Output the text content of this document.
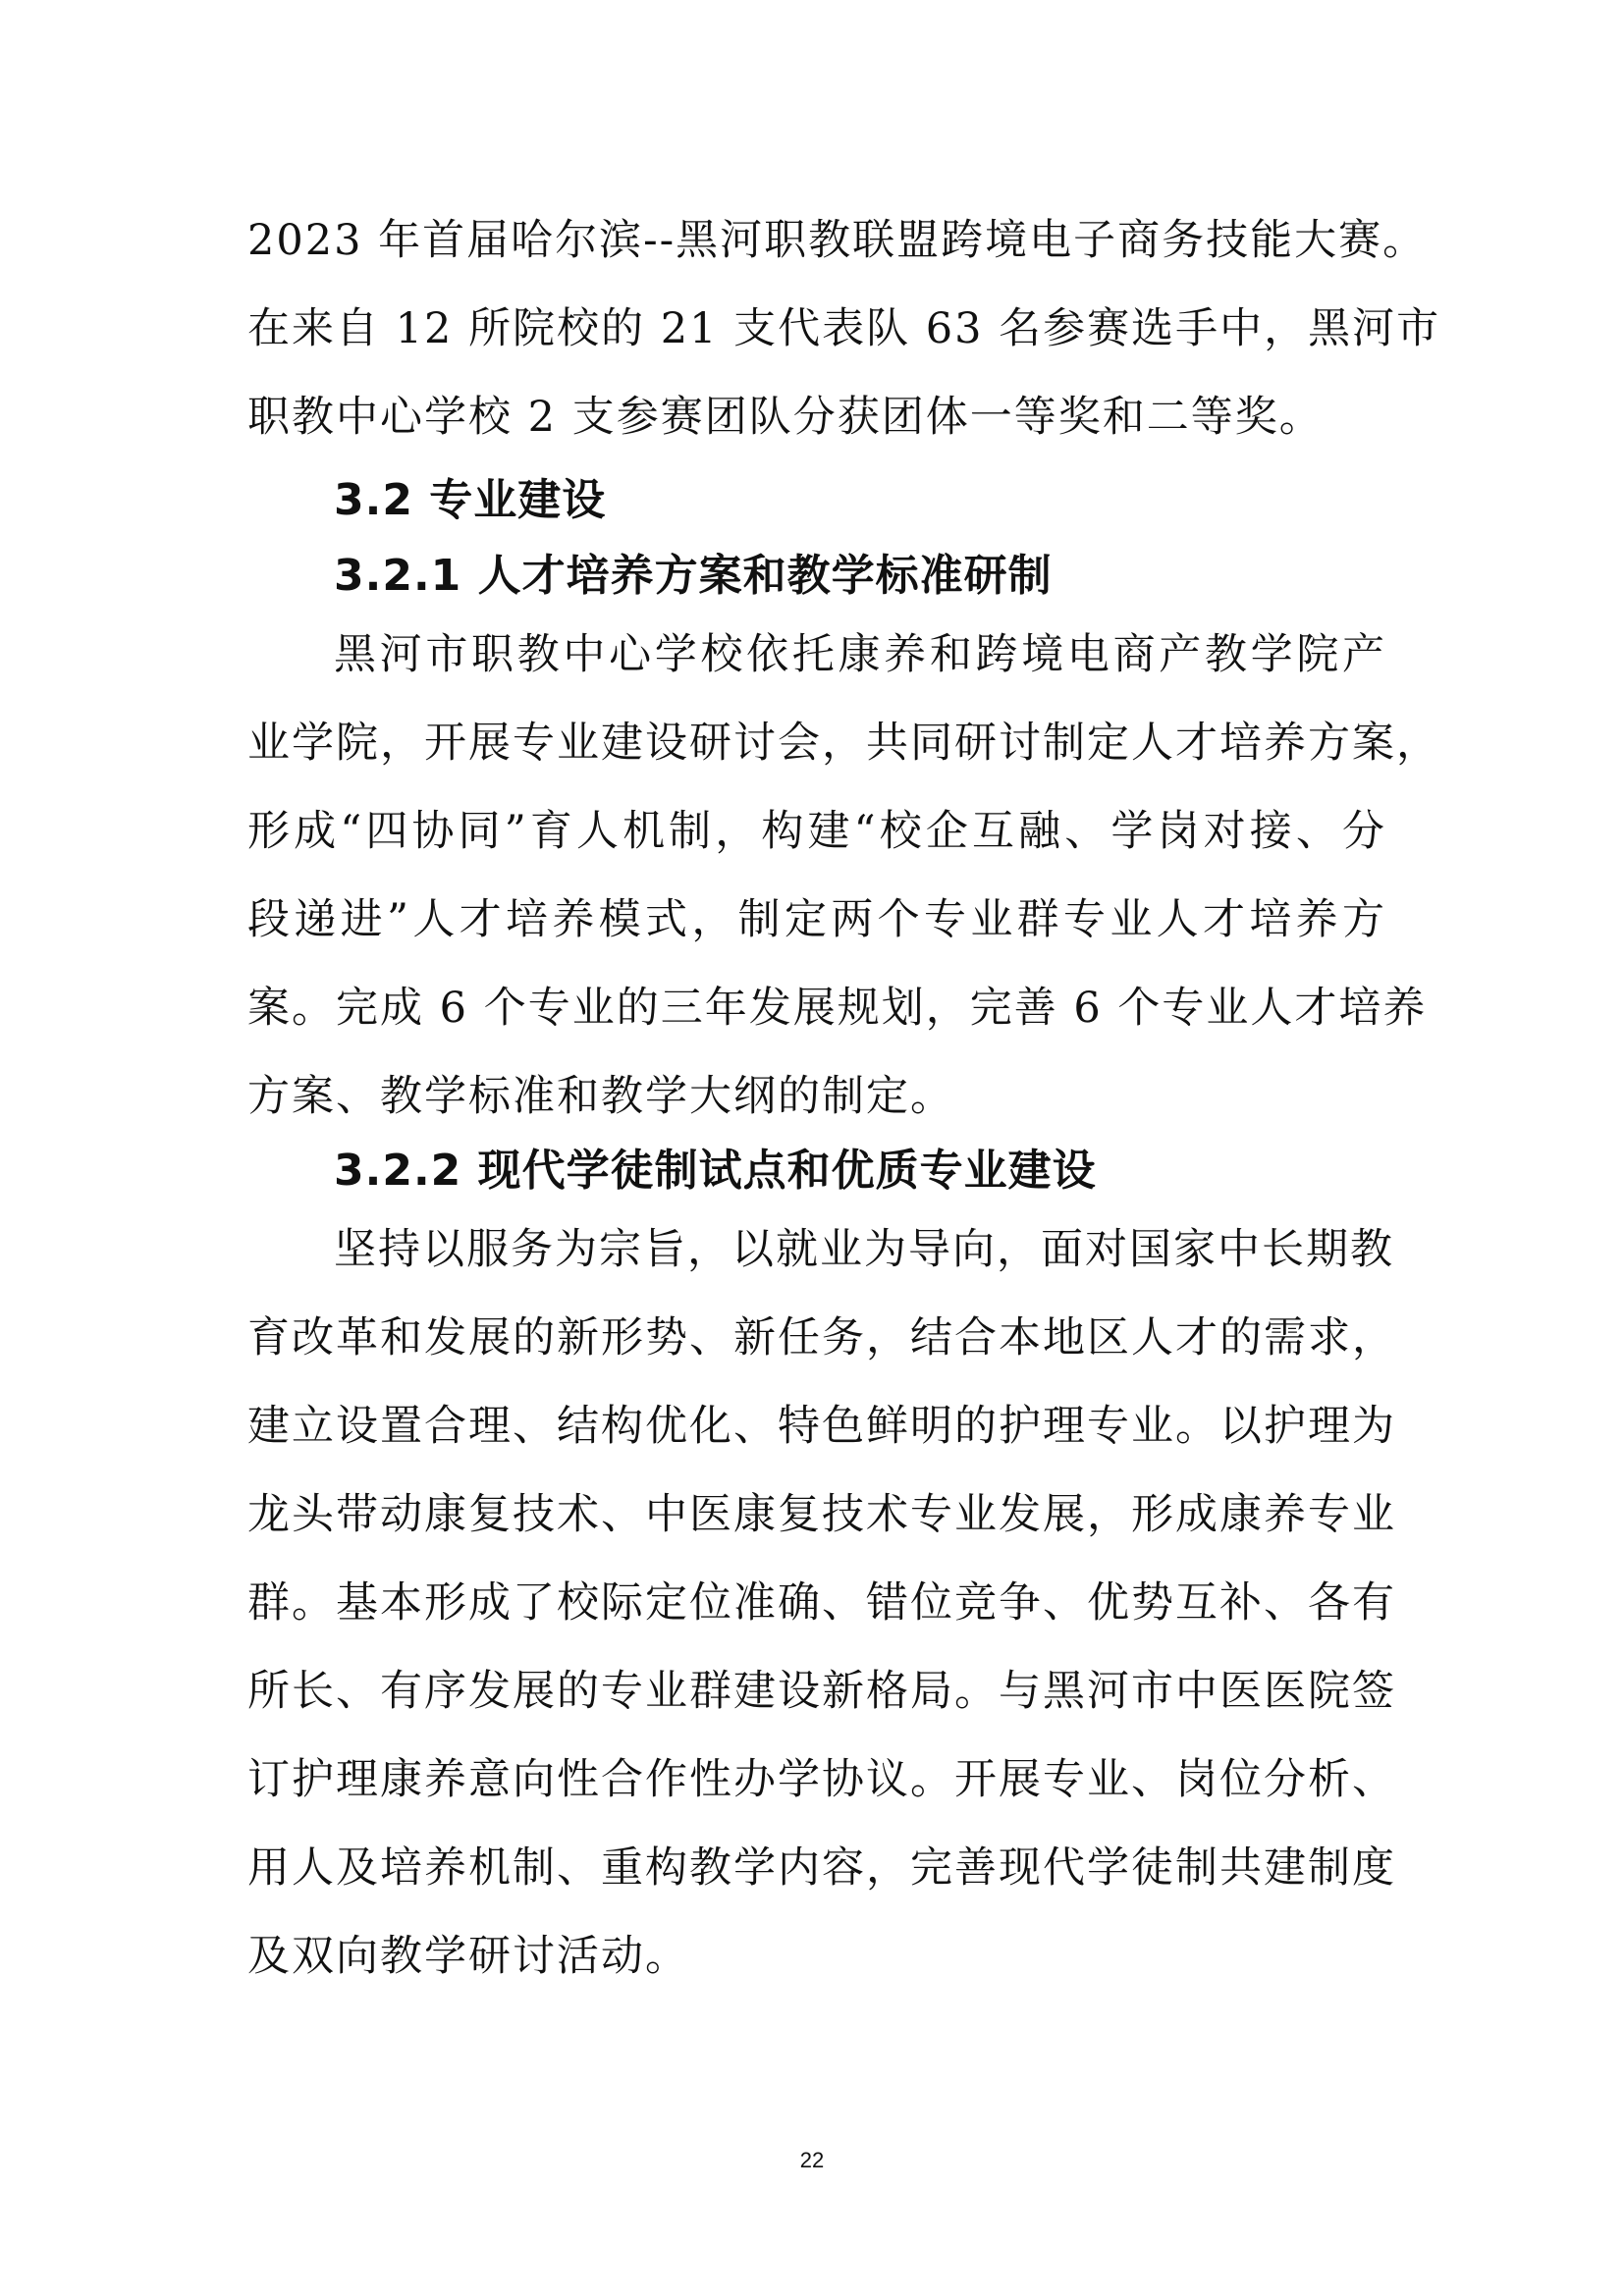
2023 年首届哈尔滨--黑河职教联盟跨境电子商务技能大赛。
在来自 12 所院校的 21 支代表队 63 名参赛选手中，黑河市
职教中心学校 2 支参赛团队分获团体一等奖和二等奖。
3.2 专业建设
3.2.1 人才培养方案和教学标准研制
黑河市职教中心学校依托康养和跨境电商产教学院产
业学院，开展专业建设研讨会，共同研讨制定人才培养方案，
形成“四协同”育人机制，构建“校企互融、学岗对接、分
段递进”人才培养模式，制定两个专业群专业人才培养方
案。完成 6 个专业的三年发展规划，完善 6 个专业人才培养
方案、教学标准和教学大纲的制定。
3.2.2 现代学徒制试点和优质专业建设
坚持以服务为宗旨，以就业为导向，面对国家中长期教
育改革和发展的新形势、新任务，结合本地区人才的需求，
建立设置合理、结构优化、特色鲜明的护理专业。以护理为
龙头带动康复技术、中医康复技术专业发展，形成康养专业
群。基本形成了校际定位准确、错位竞争、优势互补、各有
所长、有序发展的专业群建设新格局。与黑河市中医医院签
订护理康养意向性合作性办学协议。开展专业、岗位分析、
用人及培养机制、重构教学内容，完善现代学徒制共建制度
及双向教学研讨活动。
22
